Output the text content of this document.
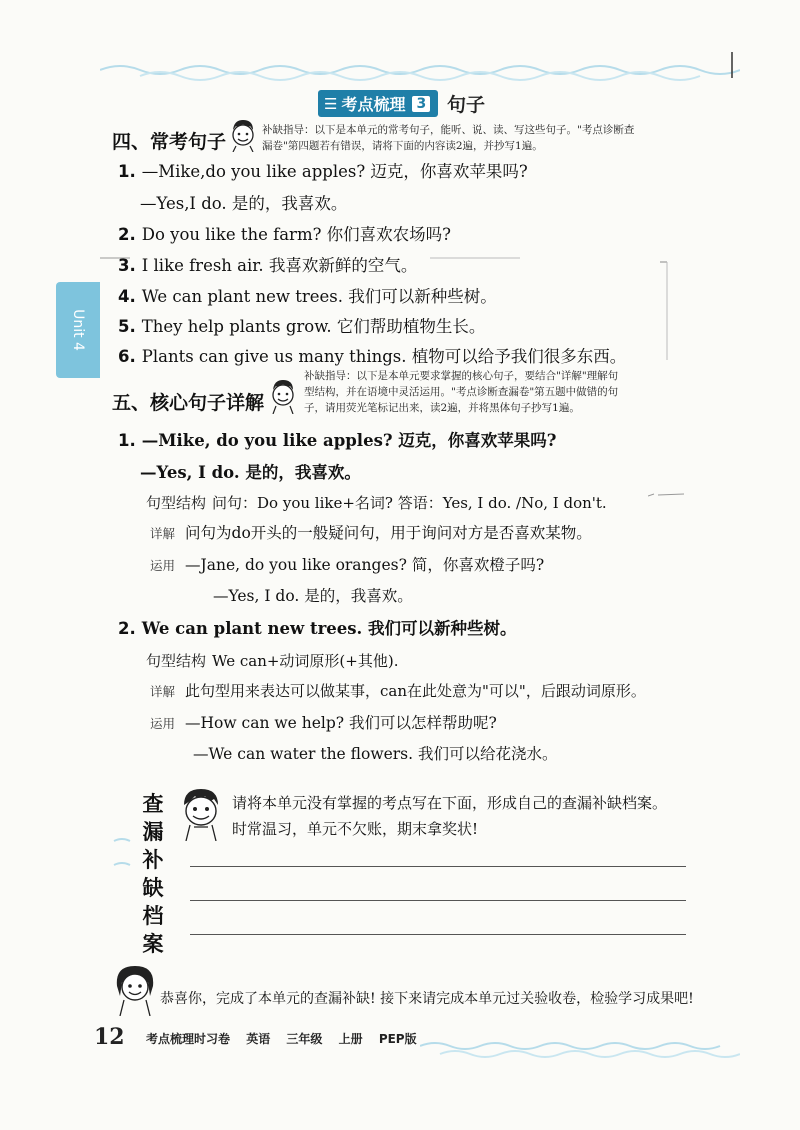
☰ 考点梳理 3 句子
四、常考句子
补缺指导：以下是本单元的常考句子，能听、说、读、写这些句子。"考点诊断查
漏卷"第四题若有错误，请将下面的内容读2遍，并抄写1遍。
1. —Mike,do you like apples? 迈克，你喜欢苹果吗?
—Yes,I do. 是的，我喜欢。
2. Do you like the farm? 你们喜欢农场吗?
3. I like fresh air. 我喜欢新鲜的空气。
4. We can plant new trees. 我们可以新种些树。
5. They help plants grow. 它们帮助植物生长。
6. Plants can give us many things. 植物可以给予我们很多东西。
Unit 4
五、核心句子详解
补缺指导：以下是本单元要求掌握的核心句子，要结合"详解"理解句
型结构，并在语境中灵活运用。"考点诊断查漏卷"第五题中做错的句
子，请用荧光笔标记出来，读2遍，并将黑体句子抄写1遍。
1. —Mike, do you like apples? 迈克，你喜欢苹果吗?
—Yes, I do. 是的，我喜欢。
句型结构 问句：Do you like+名词? 答语：Yes, I do. /No, I don't.
详解 问句为do开头的一般疑问句，用于询问对方是否喜欢某物。
运用 —Jane, do you like oranges? 简，你喜欢橙子吗?
—Yes, I do. 是的，我喜欢。
2. We can plant new trees. 我们可以新种些树。
句型结构 We can+动词原形(+其他).
详解 此句型用来表达可以做某事，can在此处意为"可以"，后跟动词原形。
运用 —How can we help? 我们可以怎样帮助呢?
—We can water the flowers. 我们可以给花浇水。
查
漏
补
缺
档
案
请将本单元没有掌握的考点写在下面，形成自己的查漏补缺档案。
时常温习，单元不欠账，期末拿奖状!
恭喜你，完成了本单元的查漏补缺! 接下来请完成本单元过关验收卷，检验学习成果吧!
12 考点梳理时习卷 英语 三年级 上册 PEP版
